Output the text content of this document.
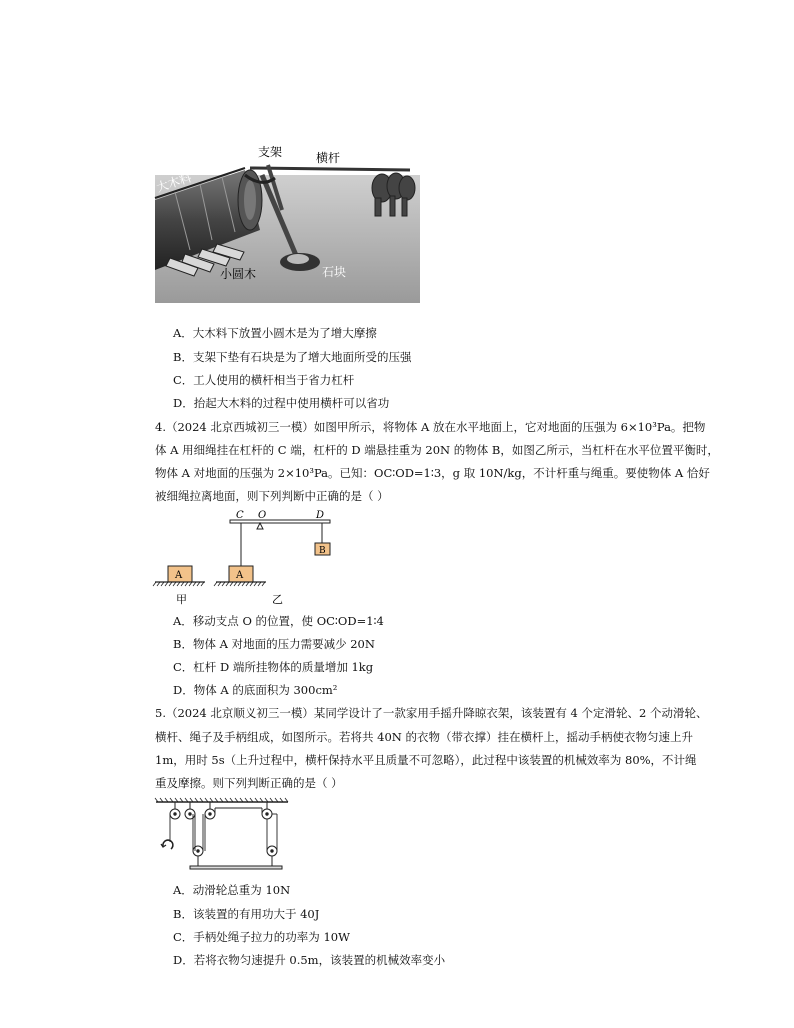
支架	横杆
大木料
小圆木	石块
A．大木料下放置小圆木是为了增大摩擦
B．支架下垫有石块是为了增大地面所受的压强
C．工人使用的横杆相当于省力杠杆
D．抬起大木料的过程中使用横杆可以省功
4.（2024 北京西城初三一模）如图甲所示，将物体 A 放在水平地面上，它对地面的压强为 6×10³Pa。把物
体 A 用细绳挂在杠杆的 C 端，杠杆的 D 端悬挂重为 20N 的物体 B，如图乙所示，当杠杆在水平位置平衡时，
物体 A 对地面的压强为 2×10³Pa。已知：OC∶OD=1∶3，g 取 10N/kg，不计杆重与绳重。要使物体 A 恰好
被细绳拉离地面，则下列判断中正确的是（ ）
A
甲
A
B
C O	D
乙
A．移动支点 O 的位置，使 OC∶OD=1∶4
B．物体 A 对地面的压力需要减少 20N
C．杠杆 D 端所挂物体的质量增加 1kg
D．物体 A 的底面积为 300cm²
5.（2024 北京顺义初三一模）某同学设计了一款家用手摇升降晾衣架，该装置有 4 个定滑轮、2 个动滑轮、
横杆、绳子及手柄组成，如图所示。若将共 40N 的衣物（带衣撑）挂在横杆上，摇动手柄使衣物匀速上升
1m，用时 5s（上升过程中，横杆保持水平且质量不可忽略），此过程中该装置的机械效率为 80%，不计绳
重及摩擦。则下列判断正确的是（ ）
A．动滑轮总重为 10N
B．该装置的有用功大于 40J
C．手柄处绳子拉力的功率为 10W
D．若将衣物匀速提升 0.5m，该装置的机械效率变小
